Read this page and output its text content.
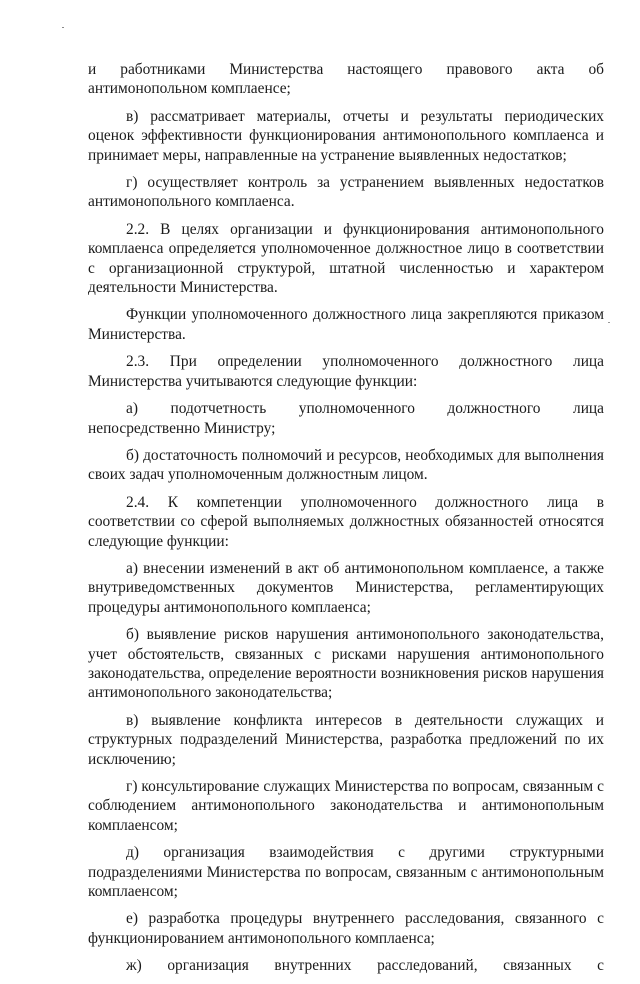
и работниками Министерства настоящего правового акта об антимонопольном комплаенсе;

в) рассматривает материалы, отчеты и результаты периодических оценок эффективности функционирования антимонопольного комплаенса и принимает меры, направленные на устранение выявленных недостатков;

г) осуществляет контроль за устранением выявленных недостатков антимонопольного комплаенса.

2.2. В целях организации и функционирования антимонопольного комплаенса определяется уполномоченное должностное лицо в соответствии с организационной структурой, штатной численностью и характером деятельности Министерства.

Функции уполномоченного должностного лица закрепляются приказом Министерства.

2.3. При определении уполномоченного должностного лица Министерства учитываются следующие функции:

а) подотчетность уполномоченного должностного лица непосредственно Министру;

б) достаточность полномочий и ресурсов, необходимых для выполнения своих задач уполномоченным должностным лицом.

2.4. К компетенции уполномоченного должностного лица в соответствии со сферой выполняемых должностных обязанностей относятся следующие функции:

а) внесении изменений в акт об антимонопольном комплаенсе, а также внутриведомственных документов Министерства, регламентирующих процедуры антимонопольного комплаенса;

б) выявление рисков нарушения антимонопольного законодательства, учет обстоятельств, связанных с рисками нарушения антимонопольного законодательства, определение вероятности возникновения рисков нарушения антимонопольного законодательства;

в) выявление конфликта интересов в деятельности служащих и структурных подразделений Министерства, разработка предложений по их исключению;

г) консультирование служащих Министерства по вопросам, связанным с соблюдением антимонопольного законодательства и антимонопольным комплаенсом;

д) организация взаимодействия с другими структурными подразделениями Министерства по вопросам, связанным с антимонопольным комплаенсом;

е) разработка процедуры внутреннего расследования, связанного с функционированием антимонопольного комплаенса;

ж) организация внутренних расследований, связанных с
